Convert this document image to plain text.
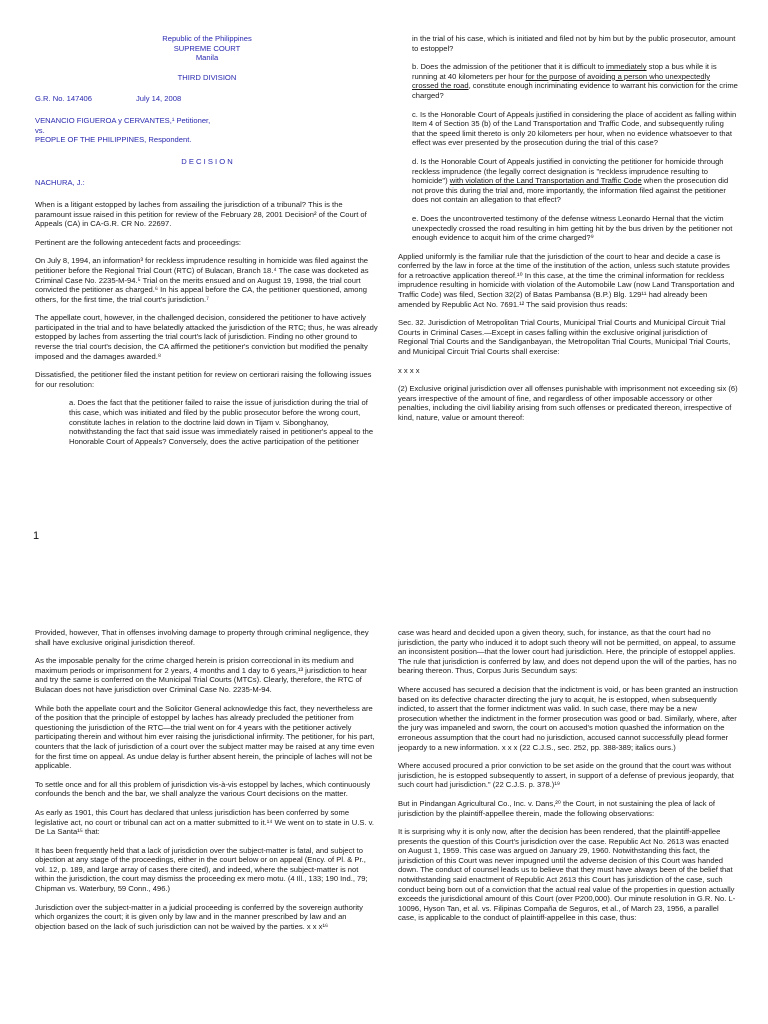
Republic of the Philippines
SUPREME COURT
Manila
THIRD DIVISION
G.R. No. 147406	July 14, 2008
VENANCIO FIGUEROA y CERVANTES,¹ Petitioner,
vs.
PEOPLE OF THE PHILIPPINES, Respondent.
D E C I S I O N
NACHURA, J.:

When is a litigant estopped by laches from assailing the jurisdiction of a tribunal? This is the paramount issue raised in this petition for review of the February 28, 2001 Decision² of the Court of Appeals (CA) in CA-G.R. CR No. 22697.

Pertinent are the following antecedent facts and proceedings:

On July 8, 1994, an information³ for reckless imprudence resulting in homicide was filed against the petitioner before the Regional Trial Court (RTC) of Bulacan, Branch 18.⁴ The case was docketed as Criminal Case No. 2235-M-94.⁵ Trial on the merits ensued and on August 19, 1998, the trial court convicted the petitioner as charged.⁶ In his appeal before the CA, the petitioner questioned, among others, for the first time, the trial court's jurisdiction.⁷

The appellate court, however, in the challenged decision, considered the petitioner to have actively participated in the trial and to have belatedly attacked the jurisdiction of the RTC; thus, he was already estopped by laches from asserting the trial court's lack of jurisdiction. Finding no other ground to reverse the trial court's decision, the CA affirmed the petitioner's conviction but modified the penalty imposed and the damages awarded.⁸

Dissatisfied, the petitioner filed the instant petition for review on certiorari raising the following issues for our resolution:

a. Does the fact that the petitioner failed to raise the issue of jurisdiction during the trial of this case, which was initiated and filed by the public prosecutor before the wrong court, constitute laches in relation to the doctrine laid down in Tijam v. Sibonghanoy, notwithstanding the fact that said issue was immediately raised in petitioner's appeal to the Honorable Court of Appeals? Conversely, does the active participation of the petitioner

in the trial of his case, which is initiated and filed not by him but by the public prosecutor, amount to estoppel?

b. Does the admission of the petitioner that it is difficult to immediately stop a bus while it is running at 40 kilometers per hour for the purpose of avoiding a person who unexpectedly crossed the road, constitute enough incriminating evidence to warrant his conviction for the crime charged?

c. Is the Honorable Court of Appeals justified in considering the place of accident as falling within Item 4 of Section 35 (b) of the Land Transportation and Traffic Code, and subsequently ruling that the speed limit thereto is only 20 kilometers per hour, when no evidence whatsoever to that effect was ever presented by the prosecution during the trial of this case?

d. Is the Honorable Court of Appeals justified in convicting the petitioner for homicide through reckless imprudence (the legally correct designation is "reckless imprudence resulting to homicide") with violation of the Land Transportation and Traffic Code when the prosecution did not prove this during the trial and, more importantly, the information filed against the petitioner does not contain an allegation to that effect?

e. Does the uncontroverted testimony of the defense witness Leonardo Hernal that the victim unexpectedly crossed the road resulting in him getting hit by the bus driven by the petitioner not enough evidence to acquit him of the crime charged?⁹

Applied uniformly is the familiar rule that the jurisdiction of the court to hear and decide a case is conferred by the law in force at the time of the institution of the action, unless such statute provides for a retroactive application thereof.¹⁰ In this case, at the time the criminal information for reckless imprudence resulting in homicide with violation of the Automobile Law (now Land Transportation and Traffic Code) was filed, Section 32(2) of Batas Pambansa (B.P.) Blg. 129¹¹ had already been amended by Republic Act No. 7691.¹² The said provision thus reads:

Sec. 32. Jurisdiction of Metropolitan Trial Courts, Municipal Trial Courts and Municipal Circuit Trial Courts in Criminal Cases.—Except in cases falling within the exclusive original jurisdiction of Regional Trial Courts and the Sandiganbayan, the Metropolitan Trial Courts, Municipal Trial Courts, and Municipal Circuit Trial Courts shall exercise:

x x x x

(2) Exclusive original jurisdiction over all offenses punishable with imprisonment not exceeding six (6) years irrespective of the amount of fine, and regardless of other imposable accessory or other penalties, including the civil liability arising from such offenses or predicated thereon, irrespective of kind, nature, value or amount thereof:

1

Provided, however, That in offenses involving damage to property through criminal negligence, they shall have exclusive original jurisdiction thereof.

As the imposable penalty for the crime charged herein is prision correccional in its medium and maximum periods or imprisonment for 2 years, 4 months and 1 day to 6 years,¹³ jurisdiction to hear and try the same is conferred on the Municipal Trial Courts (MTCs). Clearly, therefore, the RTC of Bulacan does not have jurisdiction over Criminal Case No. 2235-M-94.

While both the appellate court and the Solicitor General acknowledge this fact, they nevertheless are of the position that the principle of estoppel by laches has already precluded the petitioner from questioning the jurisdiction of the RTC—the trial went on for 4 years with the petitioner actively participating therein and without him ever raising the jurisdictional infirmity. The petitioner, for his part, counters that the lack of jurisdiction of a court over the subject matter may be raised at any time even for the first time on appeal. As undue delay is further absent herein, the principle of laches will not be applicable.

To settle once and for all this problem of jurisdiction vis-à-vis estoppel by laches, which continuously confounds the bench and the bar, we shall analyze the various Court decisions on the matter.

As early as 1901, this Court has declared that unless jurisdiction has been conferred by some legislative act, no court or tribunal can act on a matter submitted to it.¹⁴ We went on to state in U.S. v. De La Santa¹⁵ that:

It has been frequently held that a lack of jurisdiction over the subject-matter is fatal, and subject to objection at any stage of the proceedings, either in the court below or on appeal (Ency. of Pl. & Pr., vol. 12, p. 189, and large array of cases there cited), and indeed, where the subject-matter is not within the jurisdiction, the court may dismiss the proceeding ex mero motu. (4 Ill., 133; 190 Ind., 79; Chipman vs. Waterbury, 59 Conn., 496.)

Jurisdiction over the subject-matter in a judicial proceeding is conferred by the sovereign authority which organizes the court; it is given only by law and in the manner prescribed by law and an objection based on the lack of such jurisdiction can not be waived by the parties. x x x¹⁶

case was heard and decided upon a given theory, such, for instance, as that the court had no jurisdiction, the party who induced it to adopt such theory will not be permitted, on appeal, to assume an inconsistent position—that the lower court had jurisdiction. Here, the principle of estoppel applies. The rule that jurisdiction is conferred by law, and does not depend upon the will of the parties, has no bearing thereon. Thus, Corpus Juris Secundum says:

Where accused has secured a decision that the indictment is void, or has been granted an instruction based on its defective character directing the jury to acquit, he is estopped, when subsequently indicted, to assert that the former indictment was valid. In such case, there may be a new prosecution whether the indictment in the former prosecution was good or bad. Similarly, where, after the jury was impaneled and sworn, the court on accused's motion quashed the information on the erroneous assumption that the court had no jurisdiction, accused cannot successfully plead former jeopardy to a new information. x x x (22 C.J.S., sec. 252, pp. 388-389; italics ours.)

Where accused procured a prior conviction to be set aside on the ground that the court was without jurisdiction, he is estopped subsequently to assert, in support of a defense of previous jeopardy, that such court had jurisdiction." (22 C.J.S. p. 378.)¹⁹

But in Pindangan Agricultural Co., Inc. v. Dans,²⁰ the Court, in not sustaining the plea of lack of jurisdiction by the plaintiff-appellee therein, made the following observations:

It is surprising why it is only now, after the decision has been rendered, that the plaintiff-appellee presents the question of this Court's jurisdiction over the case. Republic Act No. 2613 was enacted on August 1, 1959. This case was argued on January 29, 1960. Notwithstanding this fact, the jurisdiction of this Court was never impugned until the adverse decision of this Court was handed down. The conduct of counsel leads us to believe that they must have always been of the belief that notwithstanding said enactment of Republic Act 2613 this Court has jurisdiction of the case, such conduct being born out of a conviction that the actual real value of the properties in question actually exceeds the jurisdictional amount of this Court (over P200,000). Our minute resolution in G.R. No. L-10096, Hyson Tan, et al. vs. Filipinas Compaña de Seguros, et al., of March 23, 1956, a parallel case, is applicable to the conduct of plaintiff-appellee in this case, thus:
